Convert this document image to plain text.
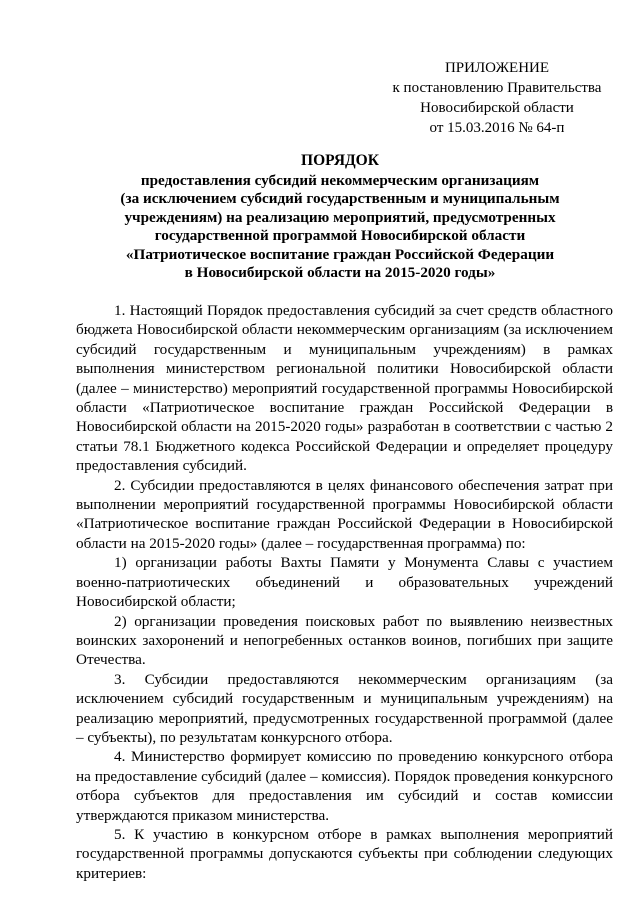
ПРИЛОЖЕНИЕ
к постановлению Правительства
Новосибирской области
от 15.03.2016 № 64-п
ПОРЯДОК
предоставления субсидий некоммерческим организациям
(за исключением субсидий государственным и муниципальным
учреждениям) на реализацию мероприятий, предусмотренных
государственной программой Новосибирской области
«Патриотическое воспитание граждан Российской Федерации
в Новосибирской области на 2015-2020 годы»

1. Настоящий Порядок предоставления субсидий за счет средств областного бюджета Новосибирской области некоммерческим организациям (за исключением субсидий государственным и муниципальным учреждениям) в рамках выполнения министерством региональной политики Новосибирской области (далее – министерство) мероприятий государственной программы Новосибирской области «Патриотическое воспитание граждан Российской Федерации в Новосибирской области на 2015-2020 годы» разработан в соответствии с частью 2 статьи 78.1 Бюджетного кодекса Российской Федерации и определяет процедуру предоставления субсидий.

2. Субсидии предоставляются в целях финансового обеспечения затрат при выполнении мероприятий государственной программы Новосибирской области «Патриотическое воспитание граждан Российской Федерации в Новосибирской области на 2015-2020 годы» (далее – государственная программа) по:

1) организации работы Вахты Памяти у Монумента Славы с участием военно-патриотических объединений и образовательных учреждений Новосибирской области;

2) организации проведения поисковых работ по выявлению неизвестных воинских захоронений и непогребенных останков воинов, погибших при защите Отечества.

3. Субсидии предоставляются некоммерческим организациям (за исключением субсидий государственным и муниципальным учреждениям) на реализацию мероприятий, предусмотренных государственной программой (далее – субъекты), по результатам конкурсного отбора.

4. Министерство формирует комиссию по проведению конкурсного отбора на предоставление субсидий (далее – комиссия). Порядок проведения конкурсного отбора субъектов для предоставления им субсидий и состав комиссии утверждаются приказом министерства.

5. К участию в конкурсном отборе в рамках выполнения мероприятий государственной программы допускаются субъекты при соблюдении следующих критериев:
